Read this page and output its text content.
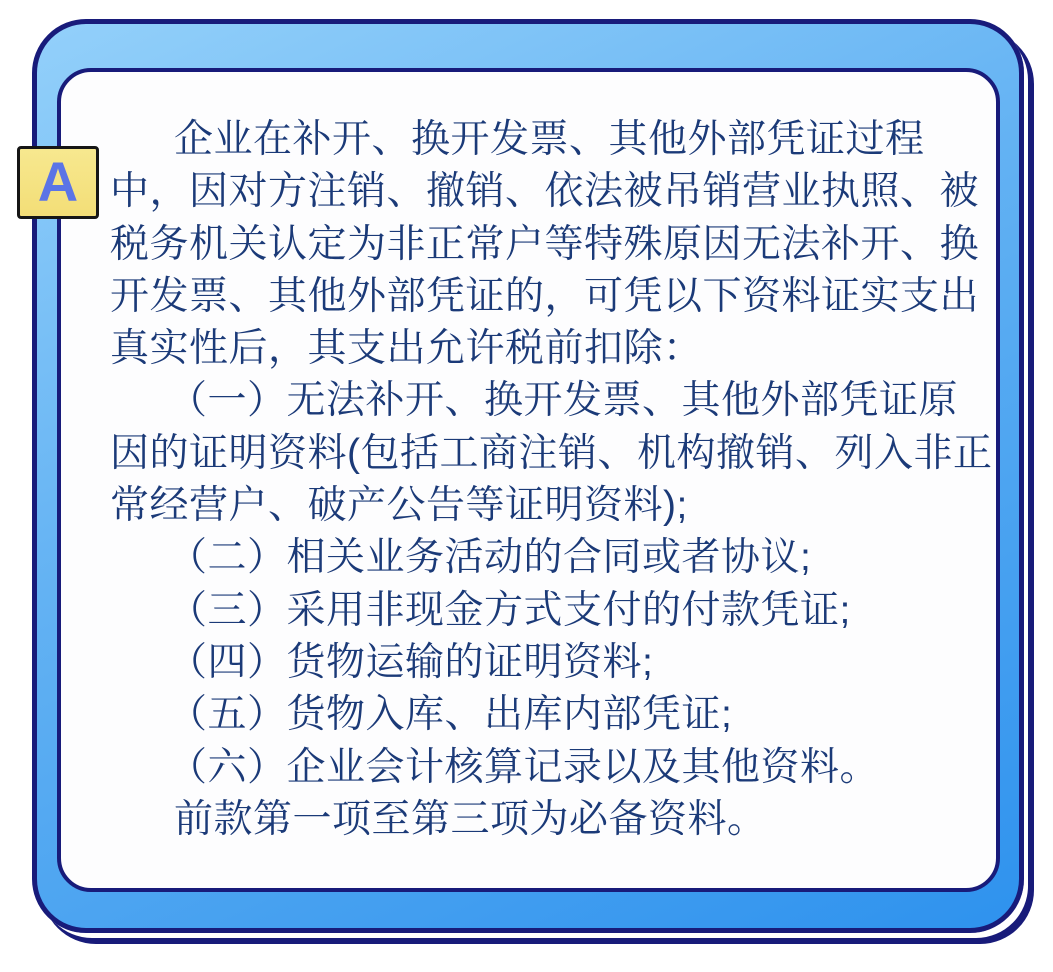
企业在补开、换开发票、其他外部凭证过程
中，因对方注销、撤销、依法被吊销营业执照、被
税务机关认定为非正常户等特殊原因无法补开、换
开发票、其他外部凭证的，可凭以下资料证实支出
真实性后，其支出允许税前扣除：
（一）无法补开、换开发票、其他外部凭证原
因的证明资料(包括工商注销、机构撤销、列入非正
常经营户、破产公告等证明资料);
（二）相关业务活动的合同或者协议;
（三）采用非现金方式支付的付款凭证;
（四）货物运输的证明资料;
（五）货物入库、出库内部凭证;
（六）企业会计核算记录以及其他资料。
前款第一项至第三项为必备资料。
A
